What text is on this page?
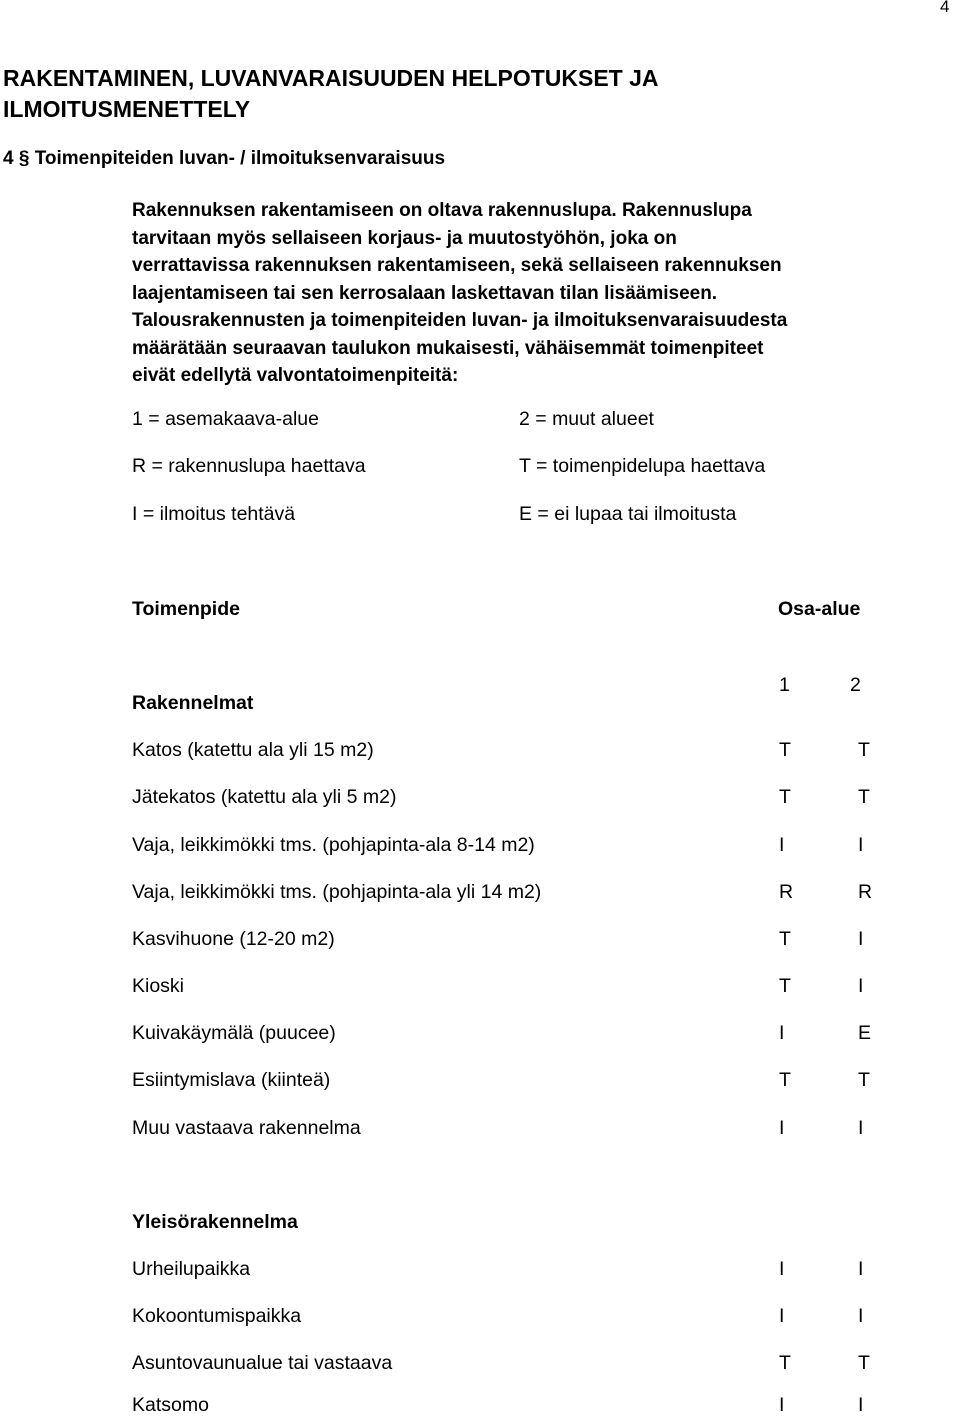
4
RAKENTAMINEN, LUVANVARAISUUDEN HELPOTUKSET JA
ILMOITUSMENETTELY
4 § Toimenpiteiden luvan- / ilmoituksenvaraisuus

Rakennuksen rakentamiseen on oltava rakennuslupa. Rakennuslupa
tarvitaan myös sellaiseen korjaus- ja muutostyöhön, joka on
verrattavissa rakennuksen rakentamiseen, sekä sellaiseen rakennuksen
laajentamiseen tai sen kerrosalaan laskettavan tilan lisäämiseen.
Talousrakennusten ja toimenpiteiden luvan- ja ilmoituksenvaraisuudesta
määrätään seuraavan taulukon mukaisesti, vähäisemmät toimenpiteet
eivät edellytä valvontatoimenpiteitä:

1 = asemakaava-alue	2 = muut alueet
R = rakennuslupa haettava	T = toimenpidelupa haettava
I = ilmoitus tehtävä	E = ei lupaa tai ilmoitusta
Toimenpide	Osa-alue
1	2
Rakennelmat
Katos (katettu ala yli 15 m2)	T	T
Jätekatos (katettu ala yli 5 m2)	T	T
Vaja, leikkimökki tms. (pohjapinta-ala 8-14 m2)	I	I
Vaja, leikkimökki tms. (pohjapinta-ala yli 14 m2)	R	R
Kasvihuone (12-20 m2)	T	I
Kioski	T	I
Kuivakäymälä (puucee)	I	E
Esiintymislava (kiinteä)	T	T
Muu vastaava rakennelma	I	I
Yleisörakennelma
Urheilupaikka	I	I
Kokoontumispaikka	I	I
Asuntovaunualue tai vastaava	T	T
Katsomo	I	I
